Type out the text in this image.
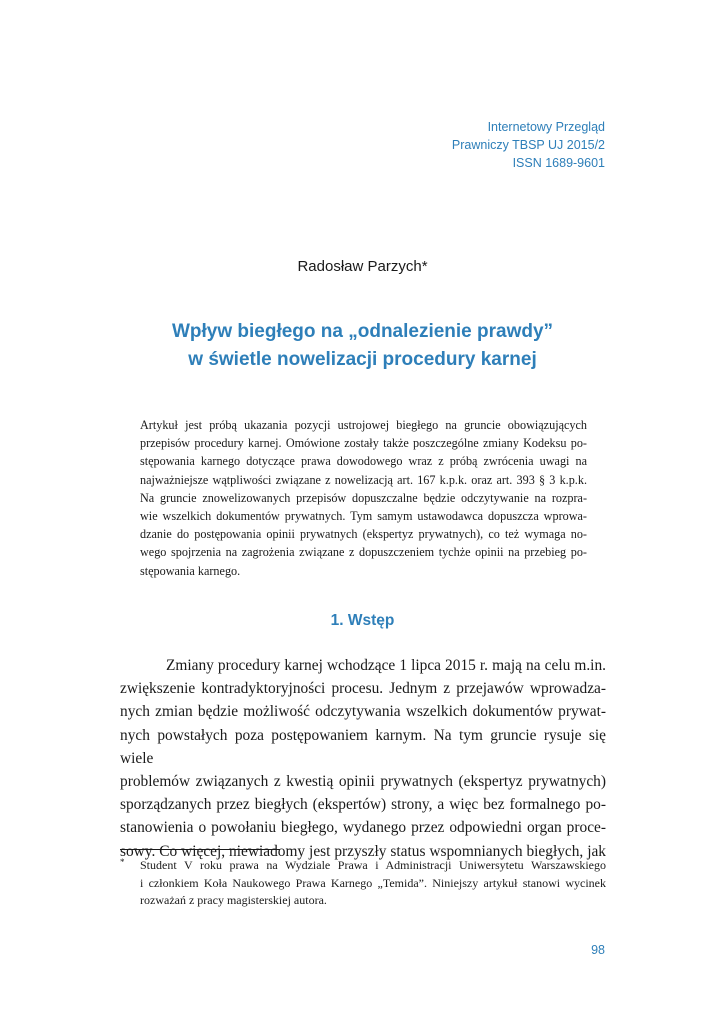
Internetowy Przegląd
Prawniczy TBSP UJ 2015/2
ISSN 1689-9601
Radosław Parzych*
Wpływ biegłego na „odnalezienie prawdy”
w świetle nowelizacji procedury karnej
Artykuł jest próbą ukazania pozycji ustrojowej biegłego na gruncie obowiązujących
przepisów procedury karnej. Omówione zostały także poszczególne zmiany Kodeksu po-
stępowania karnego dotyczące prawa dowodowego wraz z próbą zwrócenia uwagi na
najważniejsze wątpliwości związane z nowelizacją art. 167 k.p.k. oraz art. 393 § 3 k.p.k.
Na gruncie znowelizowanych przepisów dopuszczalne będzie odczytywanie na rozpra-
wie wszelkich dokumentów prywatnych. Tym samym ustawodawca dopuszcza wprowa-
dzanie do postępowania opinii prywatnych (ekspertyz prywatnych), co też wymaga no-
wego spojrzenia na zagrożenia związane z dopuszczeniem tychże opinii na przebieg po-
stępowania karnego.
1. Wstęp
Zmiany procedury karnej wchodzące 1 lipca 2015 r. mają na celu m.in.
zwiększenie kontradyktoryjności procesu. Jednym z przejawów wprowadza-
nych zmian będzie możliwość odczytywania wszelkich dokumentów prywat-
nych powstałych poza postępowaniem karnym. Na tym gruncie rysuje się wiele
problemów związanych z kwestią opinii prywatnych (ekspertyz prywatnych)
sporządzanych przez biegłych (ekspertów) strony, a więc bez formalnego po-
stanowienia o powołaniu biegłego, wydanego przez odpowiedni organ proce-
sowy. Co więcej, niewiadomy jest przyszły status wspomnianych biegłych, jak
* Student V roku prawa na Wydziale Prawa i Administracji Uniwersytetu Warszawskiego
i członkiem Koła Naukowego Prawa Karnego „Temida”. Niniejszy artykuł stanowi wycinek
rozważań z pracy magisterskiej autora.
98
